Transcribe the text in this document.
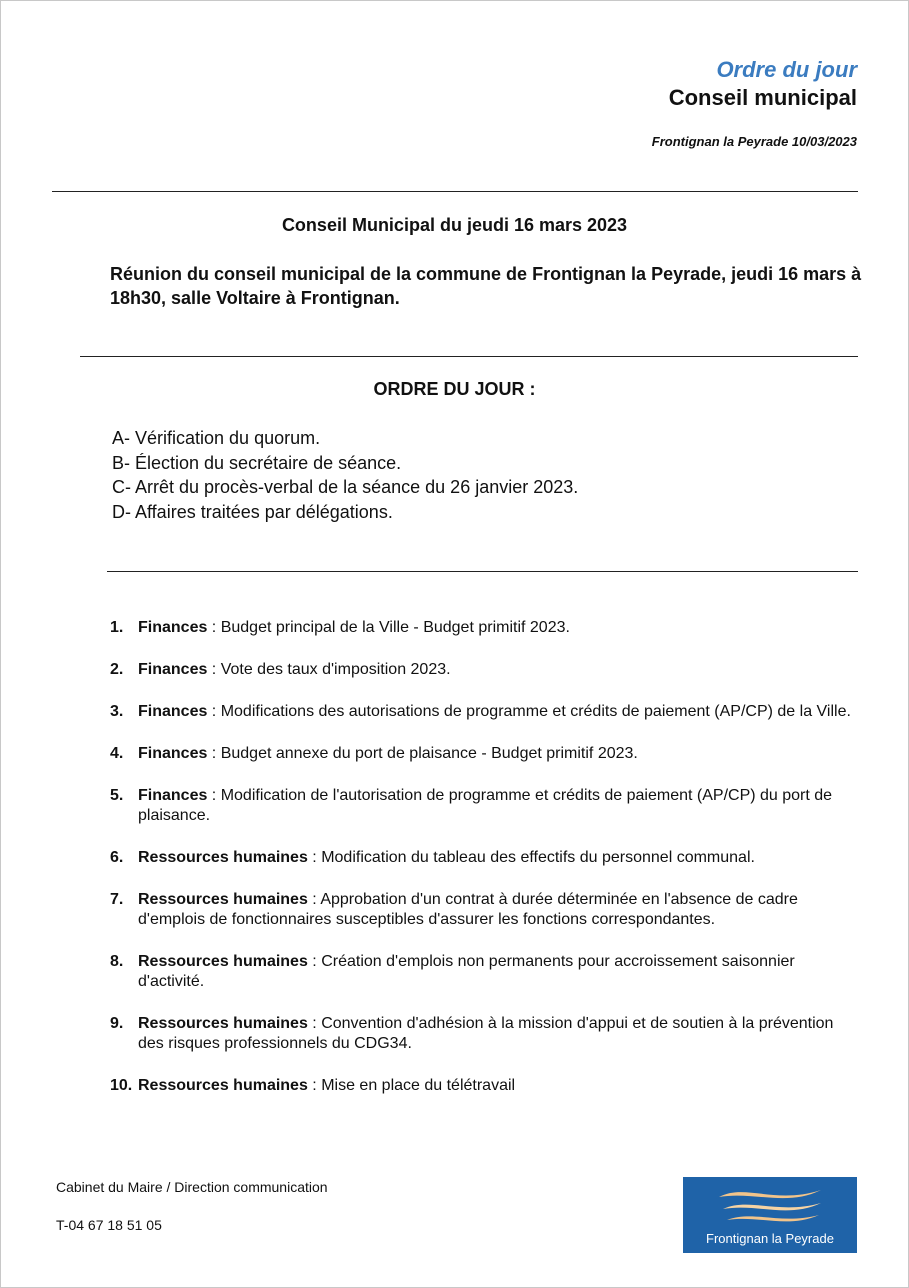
Ordre du jour
Conseil municipal
Frontignan la Peyrade 10/03/2023
Conseil Municipal du jeudi 16 mars 2023
Réunion du conseil municipal de la commune de Frontignan la Peyrade, jeudi 16 mars à 18h30, salle Voltaire à Frontignan.
ORDRE DU JOUR :
A- Vérification du quorum.
B- Élection du secrétaire de séance.
C- Arrêt du procès-verbal de la séance du 26 janvier 2023.
D- Affaires traitées par délégations.
1. Finances : Budget principal de la Ville - Budget primitif 2023.
2. Finances : Vote des taux d'imposition 2023.
3. Finances : Modifications des autorisations de programme et crédits de paiement (AP/CP) de la Ville.
4. Finances : Budget annexe du port de plaisance - Budget primitif 2023.
5. Finances : Modification de l'autorisation de programme et crédits de paiement (AP/CP) du port de plaisance.
6. Ressources humaines : Modification du tableau des effectifs du personnel communal.
7. Ressources humaines : Approbation d'un contrat à durée déterminée en l'absence de cadre d'emplois de fonctionnaires susceptibles d'assurer les fonctions correspondantes.
8. Ressources humaines : Création d'emplois non permanents pour accroissement saisonnier d'activité.
9. Ressources humaines : Convention d'adhésion à la mission d'appui et de soutien à la prévention des risques professionnels du CDG34.
10. Ressources humaines : Mise en place du télétravail
Cabinet du Maire / Direction communication
T-04 67 18 51 05
Frontignan la Peyrade
